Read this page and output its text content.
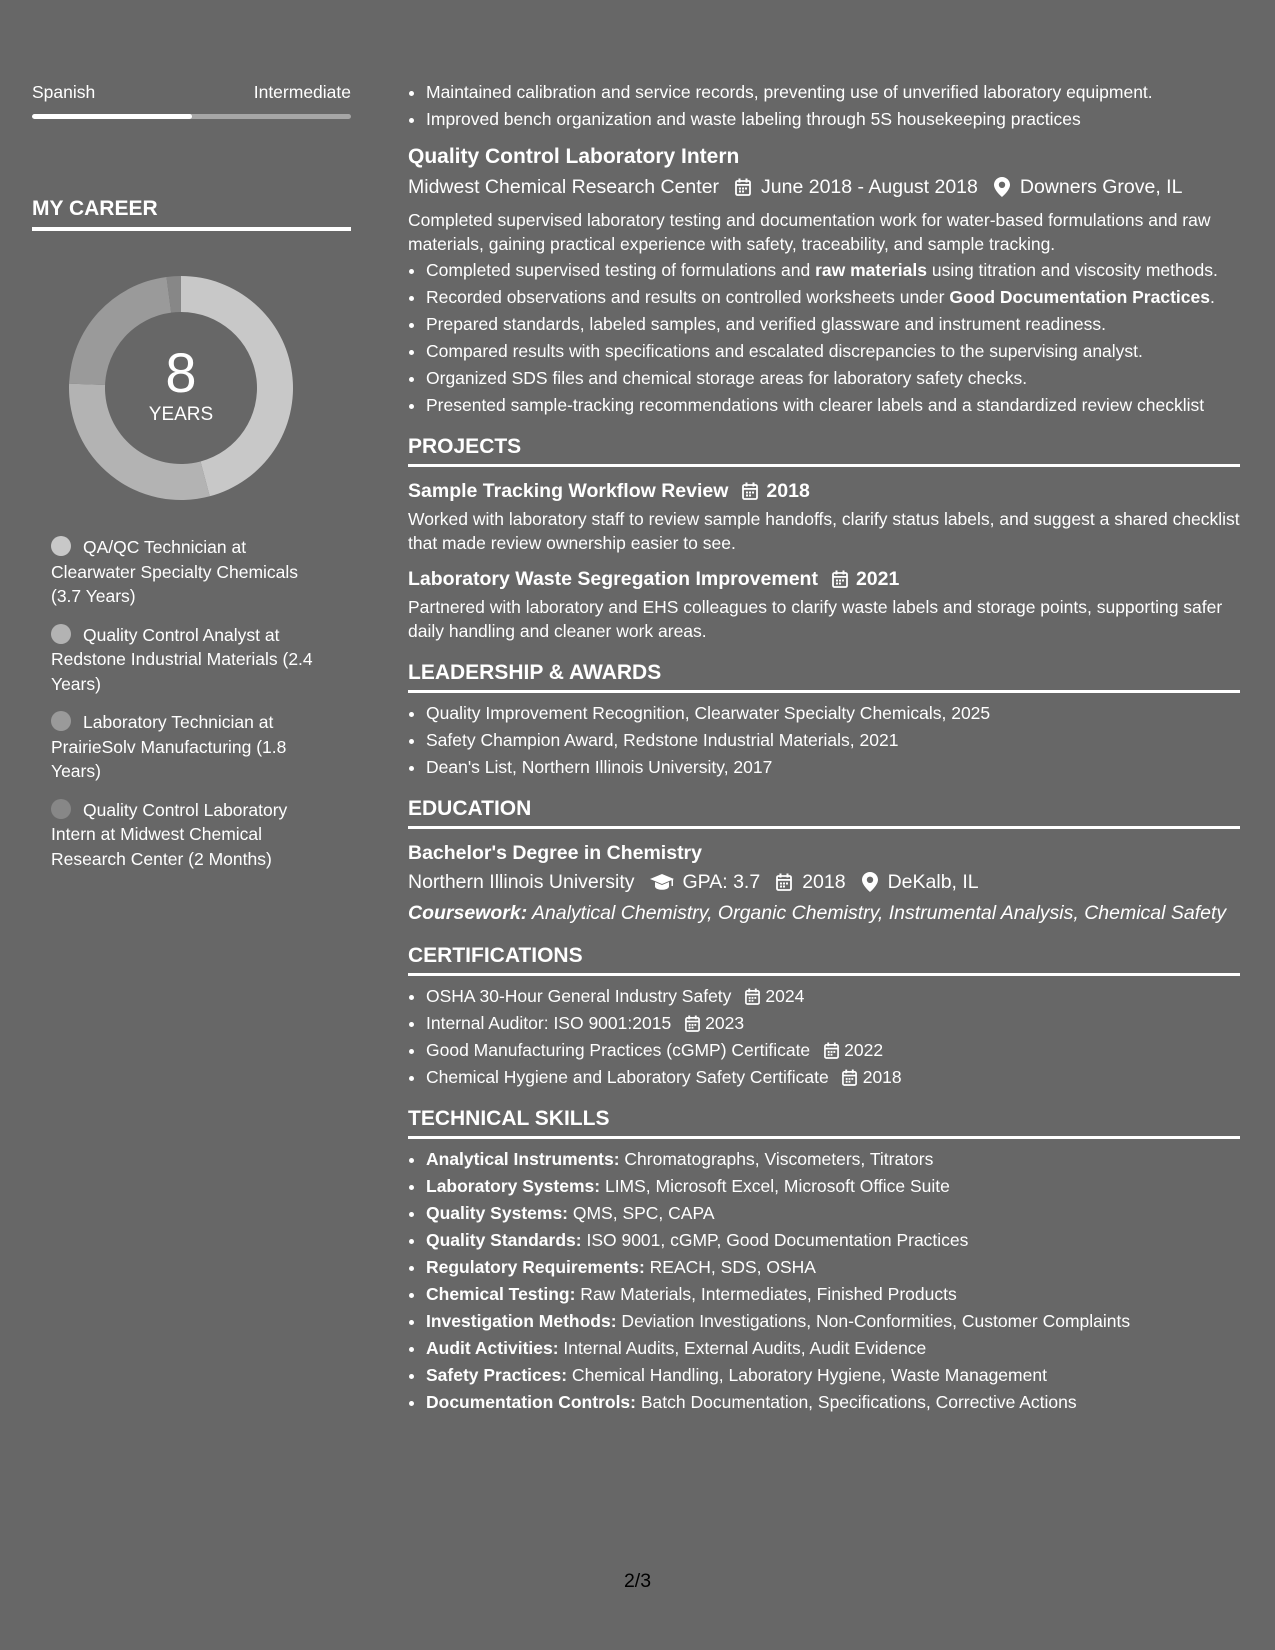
Spanish	Intermediate
MY CAREER
8
YEARS
QA/QC Technician at Clearwater Specialty Chemicals (3.7 Years)
Quality Control Analyst at Redstone Industrial Materials (2.4 Years)
Laboratory Technician at PrairieSolv Manufacturing (1.8 Years)
Quality Control Laboratory Intern at Midwest Chemical Research Center (2 Months)
• Maintained calibration and service records, preventing use of unverified laboratory equipment.
• Improved bench organization and waste labeling through 5S housekeeping practices
Quality Control Laboratory Intern
Midwest Chemical Research Center June 2018 - August 2018 Downers Grove, IL
Completed supervised laboratory testing and documentation work for water-based formulations and raw materials, gaining practical experience with safety, traceability, and sample tracking.
• Completed supervised testing of formulations and raw materials using titration and viscosity methods.
• Recorded observations and results on controlled worksheets under Good Documentation Practices.
• Prepared standards, labeled samples, and verified glassware and instrument readiness.
• Compared results with specifications and escalated discrepancies to the supervising analyst.
• Organized SDS files and chemical storage areas for laboratory safety checks.
• Presented sample-tracking recommendations with clearer labels and a standardized review checklist
PROJECTS
Sample Tracking Workflow Review 2018
Worked with laboratory staff to review sample handoffs, clarify status labels, and suggest a shared checklist that made review ownership easier to see.
Laboratory Waste Segregation Improvement 2021
Partnered with laboratory and EHS colleagues to clarify waste labels and storage points, supporting safer daily handling and cleaner work areas.
LEADERSHIP & AWARDS
• Quality Improvement Recognition, Clearwater Specialty Chemicals, 2025
• Safety Champion Award, Redstone Industrial Materials, 2021
• Dean's List, Northern Illinois University, 2017
EDUCATION
Bachelor's Degree in Chemistry
Northern Illinois University GPA: 3.7 2018 DeKalb, IL
Coursework: Analytical Chemistry, Organic Chemistry, Instrumental Analysis, Chemical Safety
CERTIFICATIONS
• OSHA 30-Hour General Industry Safety 2024
• Internal Auditor: ISO 9001:2015 2023
• Good Manufacturing Practices (cGMP) Certificate 2022
• Chemical Hygiene and Laboratory Safety Certificate 2018
TECHNICAL SKILLS
• Analytical Instruments: Chromatographs, Viscometers, Titrators
• Laboratory Systems: LIMS, Microsoft Excel, Microsoft Office Suite
• Quality Systems: QMS, SPC, CAPA
• Quality Standards: ISO 9001, cGMP, Good Documentation Practices
• Regulatory Requirements: REACH, SDS, OSHA
• Chemical Testing: Raw Materials, Intermediates, Finished Products
• Investigation Methods: Deviation Investigations, Non-Conformities, Customer Complaints
• Audit Activities: Internal Audits, External Audits, Audit Evidence
• Safety Practices: Chemical Handling, Laboratory Hygiene, Waste Management
• Documentation Controls: Batch Documentation, Specifications, Corrective Actions
2/3
